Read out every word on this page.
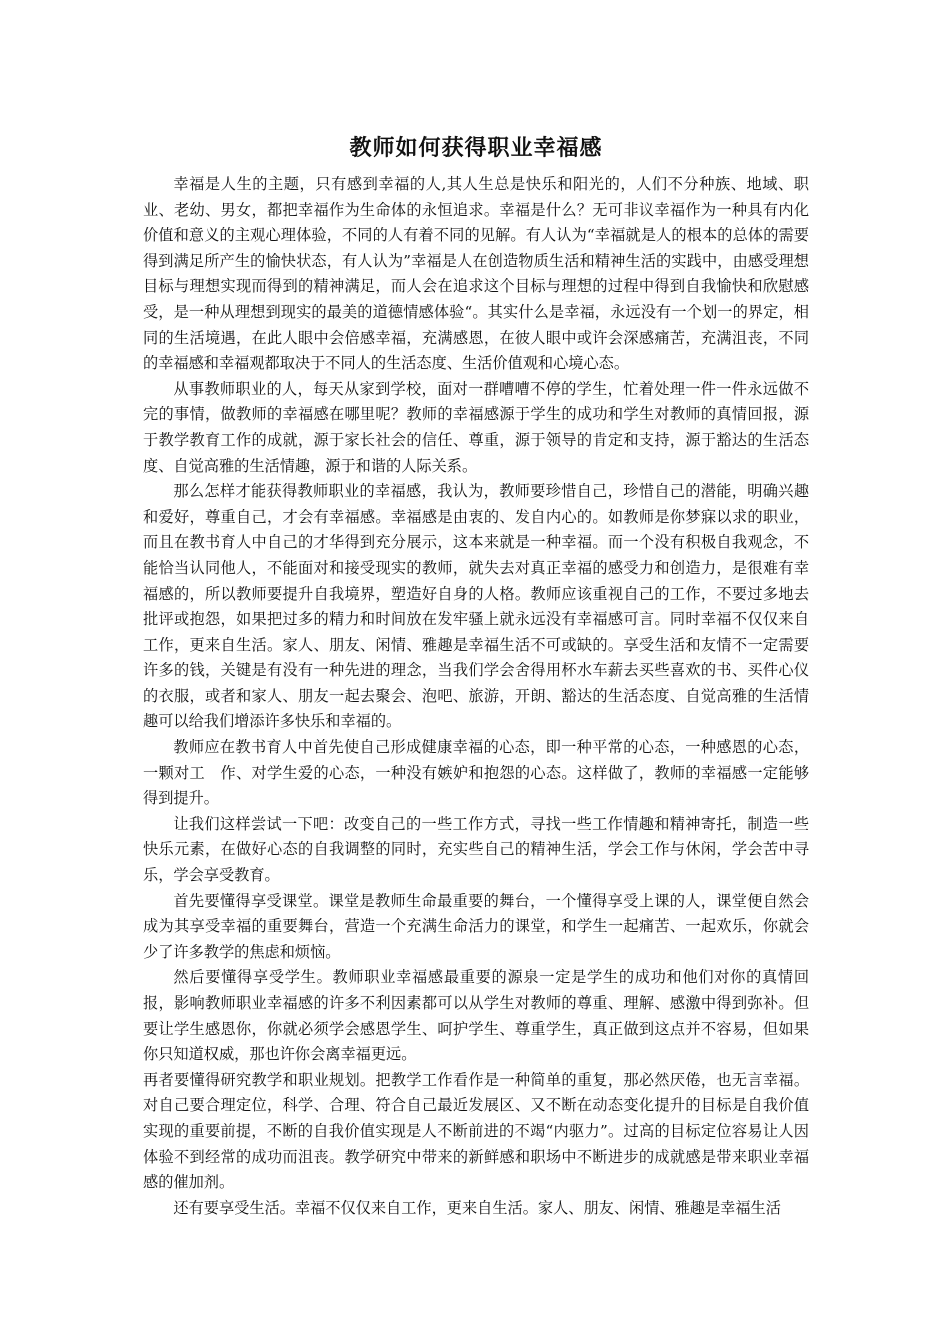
教师如何获得职业幸福感

幸福是人生的主题，只有感到幸福的人,其人生总是快乐和阳光的，人们不分种族、地域、职业、老幼、男女，都把幸福作为生命体的永恒追求。幸福是什么？无可非议幸福作为一种具有内化价值和意义的主观心理体验，不同的人有着不同的见解。有人认为“幸福就是人的根本的总体的需要得到满足所产生的愉快状态，有人认为”幸福是人在创造物质生活和精神生活的实践中，由感受理想目标与理想实现而得到的精神满足，而人会在追求这个目标与理想的过程中得到自我愉快和欣慰感受，是一种从理想到现实的最美的道德情感体验“。其实什么是幸福，永远没有一个划一的界定，相同的生活境遇，在此人眼中会倍感幸福，充满感恩，在彼人眼中或许会深感痛苦，充满沮丧，不同的幸福感和幸福观都取决于不同人的生活态度、生活价值观和心境心态。

从事教师职业的人，每天从家到学校，面对一群嘈嘈不停的学生，忙着处理一件一件永远做不完的事情，做教师的幸福感在哪里呢？教师的幸福感源于学生的成功和学生对教师的真情回报，源于教学教育工作的成就，源于家长社会的信任、尊重，源于领导的肯定和支持，源于豁达的生活态度、自觉高雅的生活情趣，源于和谐的人际关系。

那么怎样才能获得教师职业的幸福感，我认为，教师要珍惜自己，珍惜自己的潜能，明确兴趣和爱好，尊重自己，才会有幸福感。幸福感是由衷的、发自内心的。如教师是你梦寐以求的职业，而且在教书育人中自己的才华得到充分展示，这本来就是一种幸福。而一个没有积极自我观念，不能恰当认同他人，不能面对和接受现实的教师，就失去对真正幸福的感受力和创造力，是很难有幸福感的，所以教师要提升自我境界，塑造好自身的人格。教师应该重视自己的工作，不要过多地去批评或抱怨，如果把过多的精力和时间放在发牢骚上就永远没有幸福感可言。同时幸福不仅仅来自工作，更来自生活。家人、朋友、闲情、雅趣是幸福生活不可或缺的。享受生活和友情不一定需要许多的钱，关键是有没有一种先进的理念，当我们学会舍得用杯水车薪去买些喜欢的书、买件心仪的衣服，或者和家人、朋友一起去聚会、泡吧、旅游，开朗、豁达的生活态度、自觉高雅的生活情趣可以给我们增添许多快乐和幸福的。

教师应在教书育人中首先使自己形成健康幸福的心态，即一种平常的心态，一种感恩的心态，一颗对工　作、对学生爱的心态，一种没有嫉妒和抱怨的心态。这样做了，教师的幸福感一定能够得到提升。

让我们这样尝试一下吧：改变自己的一些工作方式，寻找一些工作情趣和精神寄托，制造一些快乐元素，在做好心态的自我调整的同时，充实些自己的精神生活，学会工作与休闲，学会苦中寻乐，学会享受教育。

首先要懂得享受课堂。课堂是教师生命最重要的舞台，一个懂得享受上课的人，课堂便自然会成为其享受幸福的重要舞台，营造一个充满生命活力的课堂，和学生一起痛苦、一起欢乐，你就会少了许多教学的焦虑和烦恼。

然后要懂得享受学生。教师职业幸福感最重要的源泉一定是学生的成功和他们对你的真情回报，影响教师职业幸福感的许多不利因素都可以从学生对教师的尊重、理解、感激中得到弥补。但要让学生感恩你，你就必须学会感恩学生、呵护学生、尊重学生，真正做到这点并不容易，但如果你只知道权威，那也许你会离幸福更远。

再者要懂得研究教学和职业规划。把教学工作看作是一种简单的重复，那必然厌倦，也无言幸福。对自己要合理定位，科学、合理、符合自己最近发展区、又不断在动态变化提升的目标是自我价值实现的重要前提，不断的自我价值实现是人不断前进的不竭“内驱力”。过高的目标定位容易让人因体验不到经常的成功而沮丧。教学研究中带来的新鲜感和职场中不断进步的成就感是带来职业幸福感的催加剂。

还有要享受生活。幸福不仅仅来自工作，更来自生活。家人、朋友、闲情、雅趣是幸福生活
